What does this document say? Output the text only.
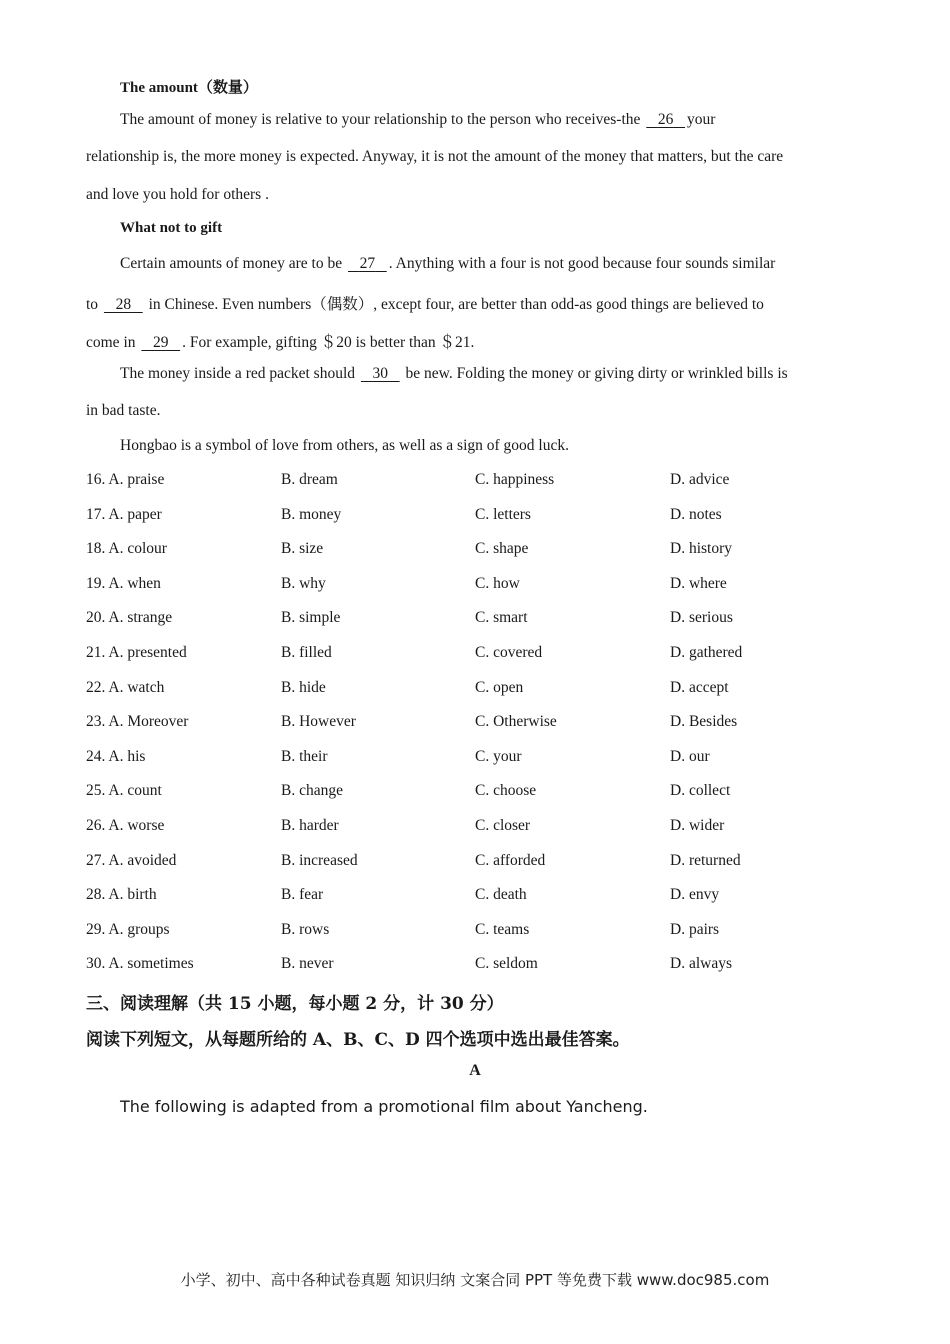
The amount（数量）
The amount of money is relative to your relationship to the person who receives-the    26 your
relationship is, the more money is expected. Anyway, it is not the amount of the money that matters, but the care
and love you hold for others .
What not to gift
Certain amounts of money are to be    27 . Anything with a four is not good because four sounds similar
to    28    in Chinese. Even numbers（偶数）, except four, are better than odd-as good things are believed to
come in    29 . For example, gifting ＄20 is better than ＄21.
The money inside a red packet should    30    be new. Folding the money or giving dirty or wrinkled bills is
in bad taste.
Hongbao is a symbol of love from others, as well as a sign of good luck.
16. A. praise	B. dream	C. happiness	D. advice
17. A. paper	B. money	C. letters	D. notes
18. A. colour	B. size	C. shape	D. history
19. A. when	B. why	C. how	D. where
20. A. strange	B. simple	C. smart	D. serious
21. A. presented	B. filled	C. covered	D. gathered
22. A. watch	B. hide	C. open	D. accept
23. A. Moreover	B. However	C. Otherwise	D. Besides
24. A. his	B. their	C. your	D. our
25. A. count	B. change	C. choose	D. collect
26. A. worse	B. harder	C. closer	D. wider
27. A. avoided	B. increased	C. afforded	D. returned
28. A. birth	B. fear	C. death	D. envy
29. A. groups	B. rows	C. teams	D. pairs
30. A. sometimes	B. never	C. seldom	D. always
三、阅读理解（共 15 小题，每小题 2 分，计 30 分）
阅读下列短文，从每题所给的 A、B、C、D 四个选项中选出最佳答案。
A
The following is adapted from a promotional film about Yancheng.
小学、初中、高中各种试卷真题 知识归纳 文案合同 PPT 等免费下载 www.doc985.com
